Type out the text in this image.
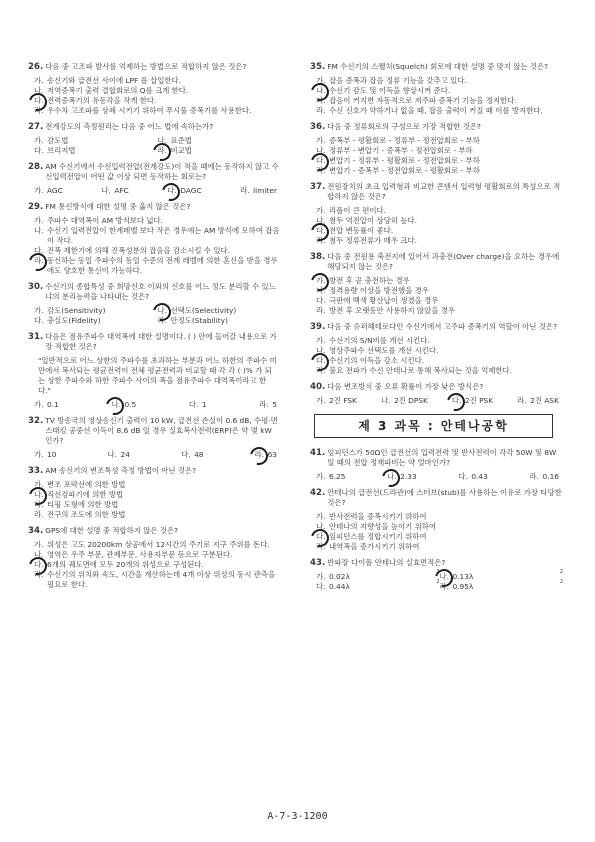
26. 다음 중 고조파 발사를 억제하는 방법으로 적합하지 않은 것은?
가. 송신기와 급전선 사이에 LPF 를 삽입한다.
나. 저역증폭기 출력 결합회로의 Q를 크게 한다.
다. 전력증폭기의 유동각을 작게 한다.
라. 우수차 고조파를 상쇄 시키기 위하여 푸시풀 증폭기를 사용한다.
27. 전계강도의 측정원리는 다음 중 어느 법에 속하는가?
가. 감도법	나. 표준법
다. 브리지법	라. 비교법
28. AM 수신기에서 수신입력전압(전계강도)이 적을 때에는 동작하지 않고 수신입력전압이 어떤 값 이상 되면 동작하는 회로는?
가. AGC	나. AFC	다. DAGC	라. limiter
29. FM 통신방식에 대한 설명 중 옳지 않은 것은?
가. 주파수 대역폭이 AM 방식보다 넓다.
나. 수신기 입력전압이 한계레벨 보다 작은 경우에는 AM 방식에 모하여 잡음이 작다.
다. 진폭 제한기에 의해 진폭성분의 잡음을 감소시킬 수 있다.
라. 동신하는 동일 주파수의 동일 수준의 전계 레벨에 의한 혼신을 받을 경우에도 양호한 통신이 가능하다.
30. 수신기의 종합특성 중 희망신호 이외의 신호를 어느 정도 분리할 수 있느냐의 분리능력을 나타내는 것은?
가. 감도(Sensitivity)	나. 선택도(Selectivity)
다. 충실도(Fidelity)	라. 안정도(Stability)
31. 다음은 점유주파수 대역폭에 대한 설명이다. ( ) 안에 들어갈 내용으로 가장 적합한 것은?
"일반적으로 어느 상한의 주파수를 초과하는 부분과 어느 하한의 주파수 미만에서 복사되는 평균전력이 전체 평균전력과 비교할 때 각 각 ( )% 가 되는 상한 주파수와 하한 주파수 사이의 폭을 점유주파수 대역폭이라고 한다."
가. 0.1	나. 0.5	다. 1	라. 5
32. TV 방송국의 영상송신기 출력이 10 kW, 급전선 손실이 0.6 dB, 수평·면 스태킹 공중선 이득이 8.6 dB 일 경우 실효복사전력(ERP)은 약 몇 kW 인가?
가. 10	나. 24	다. 48	라. 63
33. AM 송신기의 변조특성 측정 방법이 아닌 것은?
가. 변조 포락선에 의한 방법
나. 직선검파기에 의한 방법
다. 티핑 도형에 의한 방법
라. 전구의 조도에 의한 방법
34. GPS에 대한 설명 중 적합하지 않은 것은?
가. 위성은 고도 20200km 상공에서 12시간의 주기로 지구 주위를 돈다.
나. 영역은 우주 부문, 관제부문, 사용자부문 등으로 구분된다.
다. 6개의 궤도면에 모두 20개의 위성으로 구성된다.
라. 수신기의 위치와 속도, 시간을 계산하는데 4개 이상 위성의 동시 관측을 필요로 한다.
35. FM 수신기의 스퀠치(Squelch) 회로에 대한 설명 중 맞지 않는 것은?
가. 잡음 증폭과 잡음 정류 기능을 갖추고 있다.
나. 수신기 감도 및 이득을 향상시켜 준다.
다. 잡음이 커지면 자동적으로 저주파 증폭기 기능을 정지한다.
라. 수신 신호가 약하거나 없을 때, 잡음 출력이 커질 때 이를 방지한다.
36. 다음 중 정류회로의 구성으로 가장 적합한 것은?
가. 증폭부 - 평활회로 - 정류부 - 정전압회로 - 부하
나. 정류부 - 변압기 - 증폭부 - 정전압회로 - 부하
다. 변압기 - 정류부 - 평활회로 - 정전압회로 - 부하
라. 변압기 - 증폭부 - 정전압회로 - 평활회로 - 부하
37. 전원장치의 초크 입력형과 비교한 콘덴서 입력형 평활회로의 특성으로 적합하지 않은 것은?
가. 리플이 큰 편이다.
나. 첨두 역전압이 상당히 높다.
다. 전압 변동률이 좋다.
라. 첨두 정류전류가 매우 크다.
38. 다음 중 전원용 축전지에 있어서 과충전(Over charge)을 요하는 경우에 해당되지 않는 것은?
가. 방전 후 곧 충전하는 경우
나. 정격용량 이상을 방전했을 경우
다. 극판에 백색 황산납이 생겼을 경우
라. 방전 후 오랫동안 사용하지 않았을 경우
39. 다음 중 슈퍼헤테로다인 수신기에서 고주파 증폭기의 역할이 아닌 것은?
가. 수신기의 S/N비를 개선 시킨다.
나. 영상주파수 선택도를 개선 시킨다.
다. 수신기의 이득을 감소 시킨다.
라. 불요 전파가 수신 안테나로 통해 복사되는 것을 억제한다.
40. 다음 변조방식 중 오류 확률이 가장 낮은 방식은?
가. 2진 FSK	나. 2진 DPSK	다. 2진 PSK	라. 2진 ASK
제 3 과목 : 안테나공학
41. 임피던스가 50Ω인 급전선의 입력전력 및 반사전력이 각각 50W 및 8W 일 때의 전압 정재파비는 약 얼마인가?
가. 6.25	나. 2.33	다. 0.43	라. 0.16
42. 안테나의 급전선(드라관)에 스터브(stub)를 사용하는 이유로 가장 타당한 것은?
가. 반사전력을 증폭시키기 위하여
나. 안테나의 지향성을 높이기 위하여
다. 임피던스를 정합시키기 위하여
라. 내역폭을 증가시키기 위하여
43. 반파장 다이폴 안테나의 실효면적은?
가. 0.02λ	2 나. 0.13λ	2
다. 0.44λ	2 라. 0.95λ	2
A-7-3-1200
